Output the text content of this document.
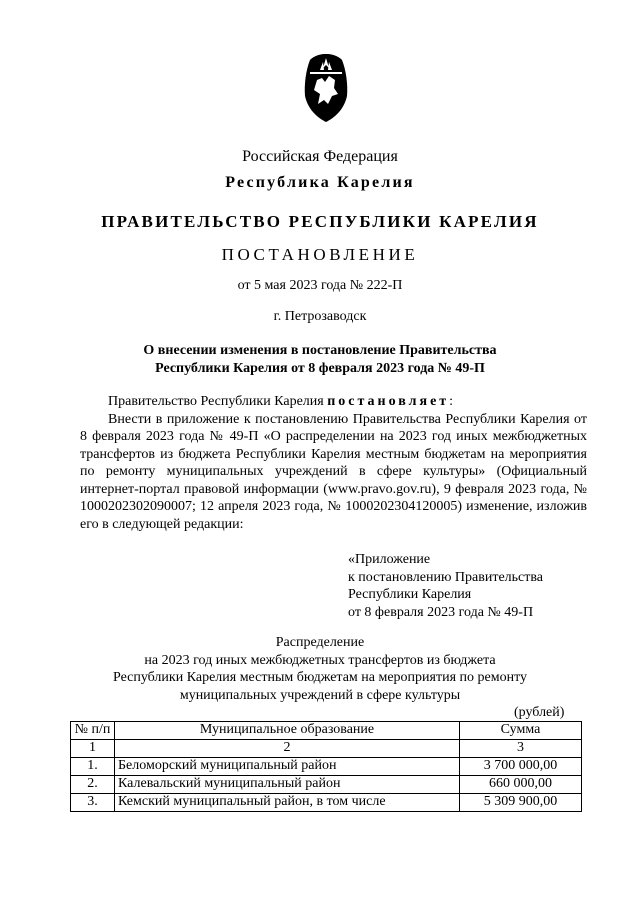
Российская Федерация
Республика Карелия
ПРАВИТЕЛЬСТВО РЕСПУБЛИКИ КАРЕЛИЯ
ПОСТАНОВЛЕНИЕ
от 5 мая 2023 года № 222-П
г. Петрозаводск
О внесении изменения в постановление Правительства
Республики Карелия от 8 февраля 2023 года № 49-П

Правительство Республики Карелия постановляет:

Внести в приложение к постановлению Правительства Республики Карелия от 8 февраля 2023 года № 49-П «О распределении на 2023 год иных межбюджетных трансфертов из бюджета Республики Карелия местным бюджетам на мероприятия по ремонту муниципальных учреждений в сфере культуры» (Официальный интернет-портал правовой информации (www.pravo.gov.ru), 9 февраля 2023 года, № 1000202302090007; 12 апреля 2023 года, № 1000202304120005) изменение, изложив его в следующей редакции:

«Приложение
к постановлению Правительства
Республики Карелия
от 8 февраля 2023 года № 49-П
Распределение
на 2023 год иных межбюджетных трансфертов из бюджета
Республики Карелия местным бюджетам на мероприятия по ремонту
муниципальных учреждений в сфере культуры
(рублей)
№ п/п	Муниципальное образование	Сумма
1	2	3
1.	Беломорский муниципальный район	3 700 000,00
2.	Калевальский муниципальный район	660 000,00
3.	Кемский муниципальный район, в том числе	5 309 900,00
